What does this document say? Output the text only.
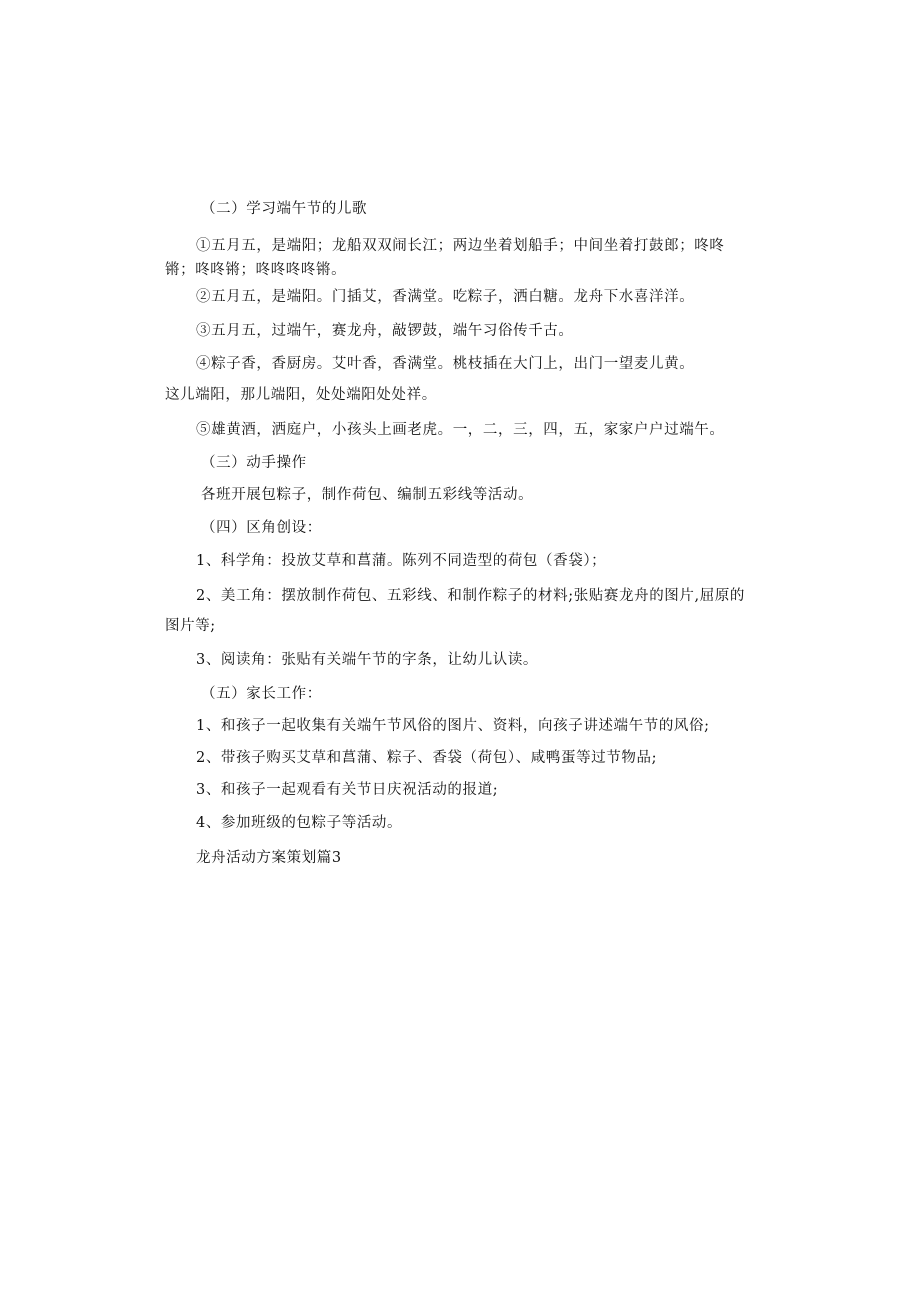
（二）学习端午节的儿歌
①五月五，是端阳；龙船双双闹长江；两边坐着划船手；中间坐着打鼓郎；咚咚锵；咚咚锵；咚咚咚咚锵。
②五月五，是端阳。门插艾，香满堂。吃粽子，洒白糖。龙舟下水喜洋洋。
③五月五，过端午，赛龙舟，敲锣鼓，端午习俗传千古。
④粽子香，香厨房。艾叶香，香满堂。桃枝插在大门上，出门一望麦儿黄。
这儿端阳，那儿端阳，处处端阳处处祥。
⑤雄黄酒，洒庭户，小孩头上画老虎。一，二，三，四，五，家家户户过端午。
（三）动手操作
各班开展包粽子，制作荷包、编制五彩线等活动。
（四）区角创设：
1、科学角：投放艾草和菖蒲。陈列不同造型的荷包（香袋）；
2、美工角：摆放制作荷包、五彩线、和制作粽子的材料;张贴赛龙舟的图片,屈原的图片等;
3、阅读角：张贴有关端午节的字条，让幼儿认读。
（五）家长工作：
1、和孩子一起收集有关端午节风俗的图片、资料，向孩子讲述端午节的风俗;
2、带孩子购买艾草和菖蒲、粽子、香袋（荷包）、咸鸭蛋等过节物品;
3、和孩子一起观看有关节日庆祝活动的报道;
4、参加班级的包粽子等活动。
龙舟活动方案策划篇3
